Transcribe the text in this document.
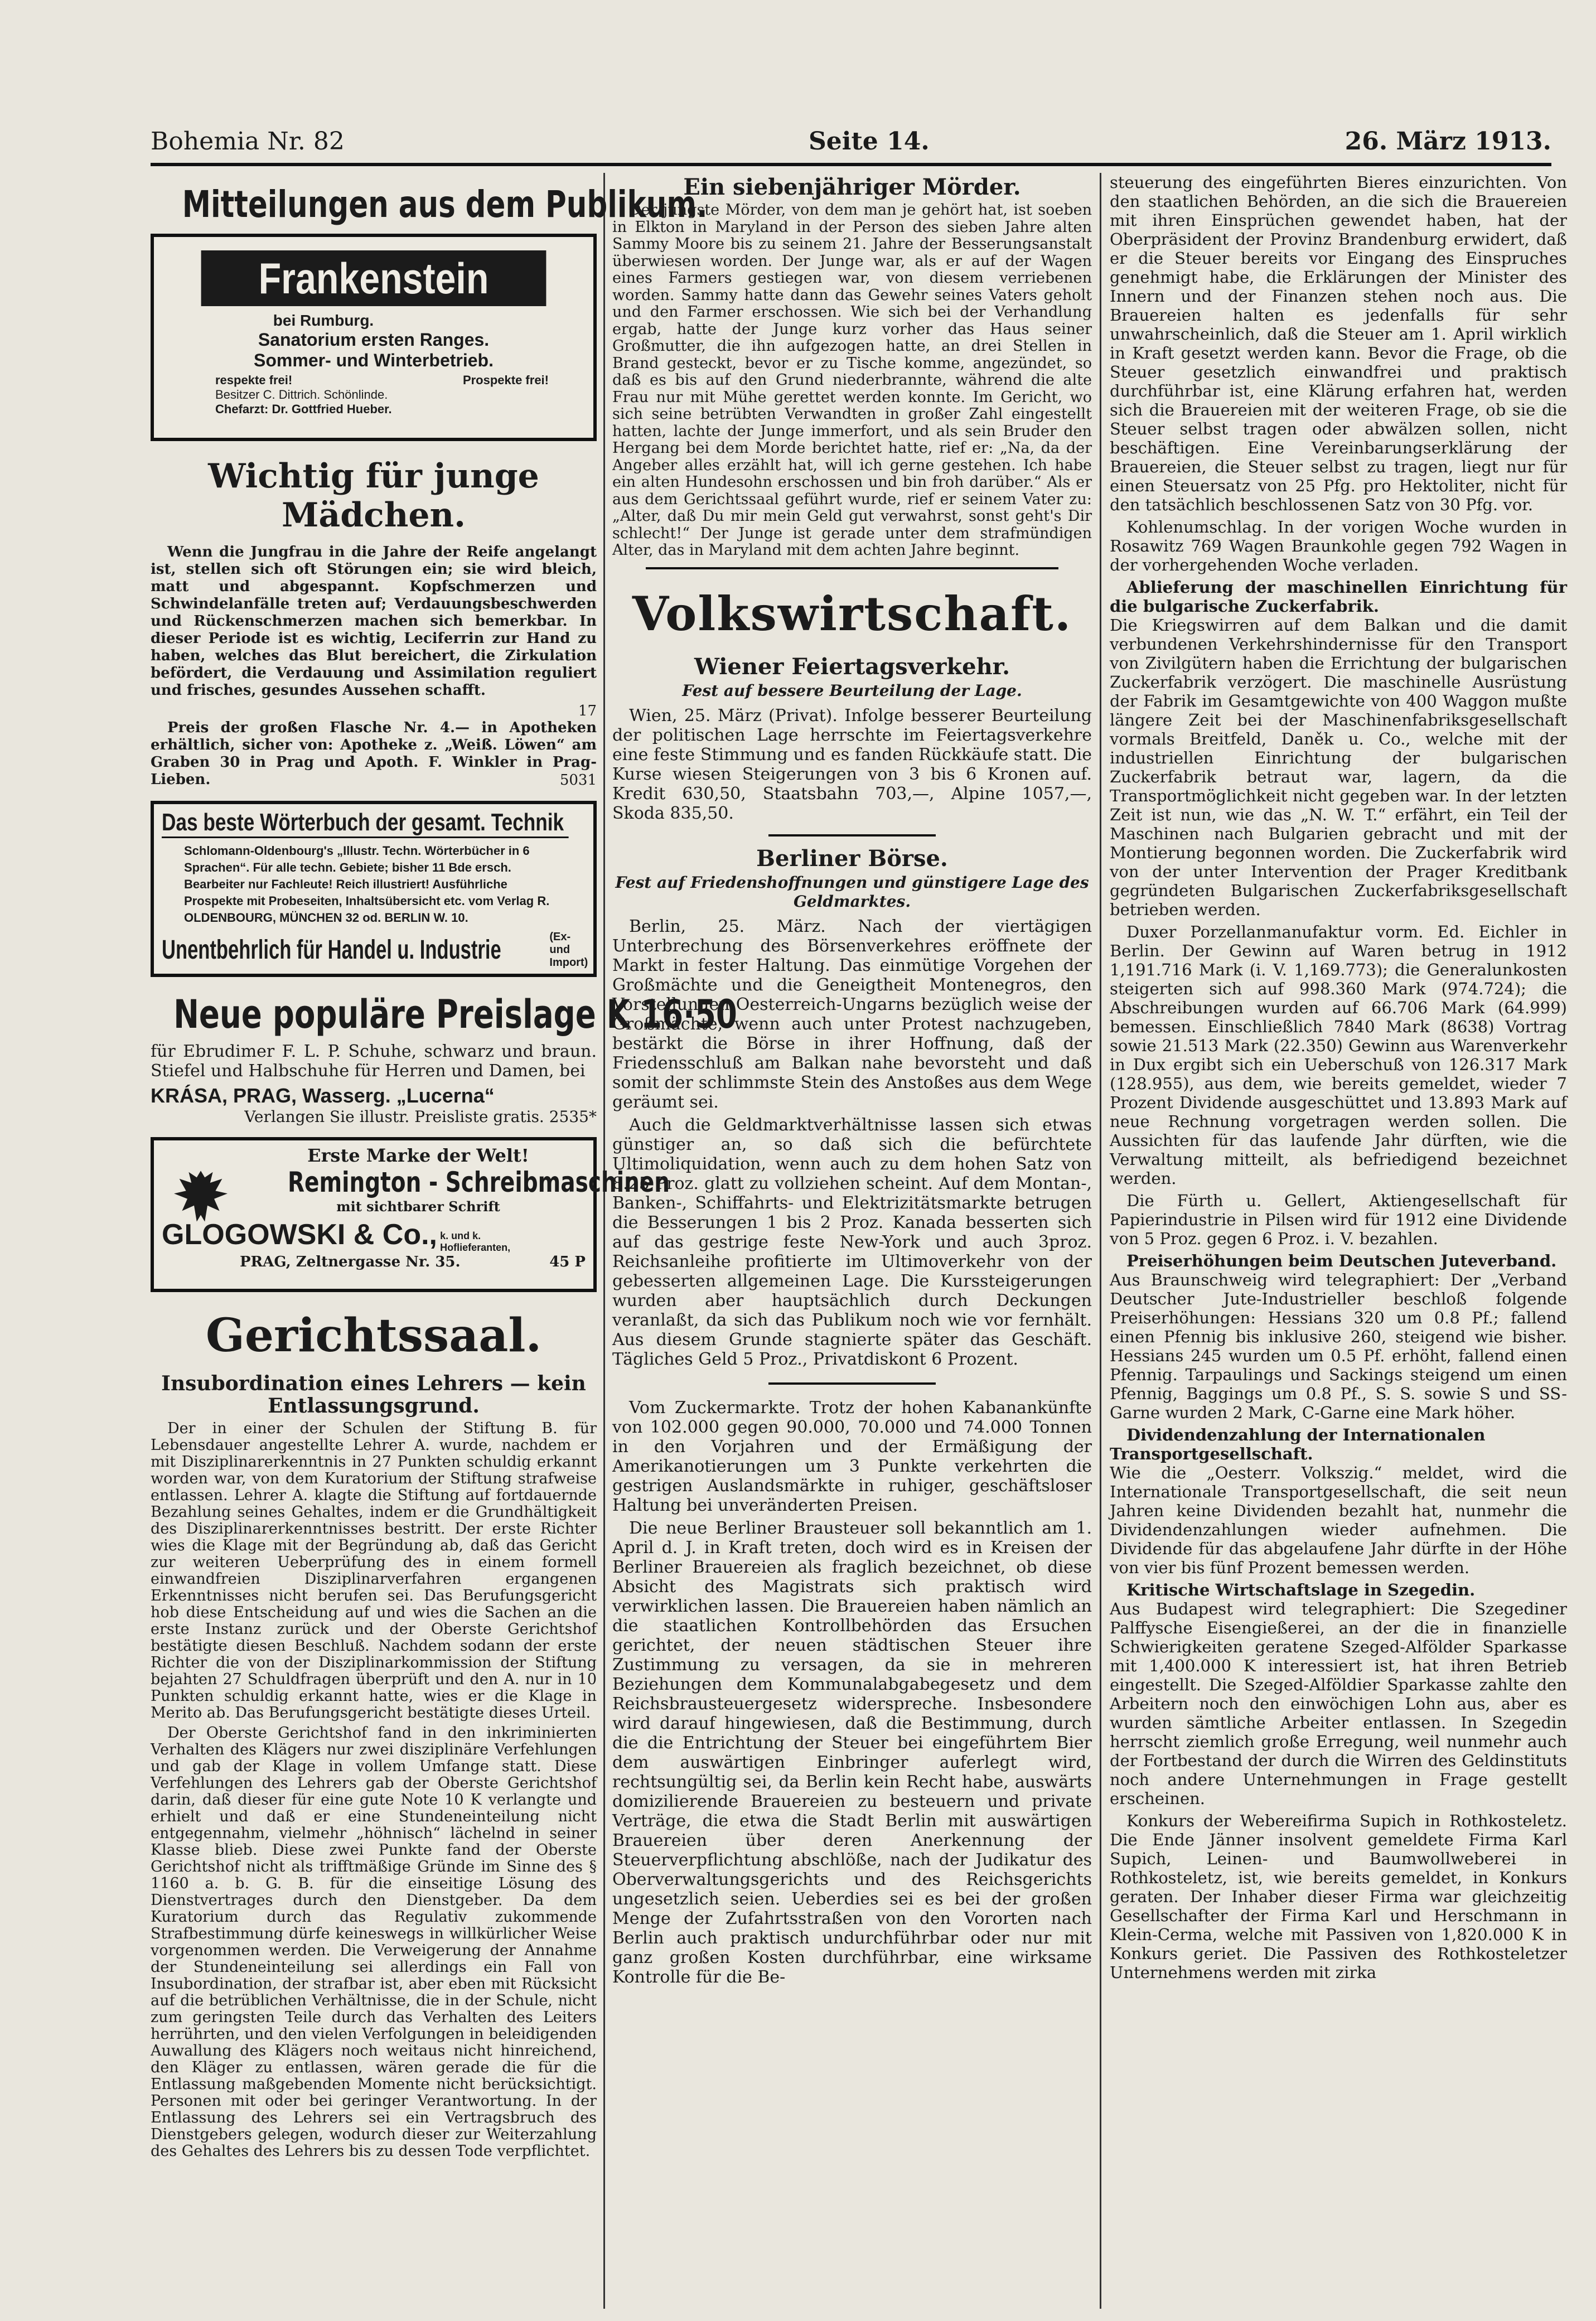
Bohemia Nr. 82	Seite 14.	26. März 1913.
Mitteilungen aus dem Publikum.
Frankenstein
bei Rumburg.
Sanatorium ersten Ranges.
Sommer- und Winterbetrieb.
respekte frei!	Prospekte frei!
Besitzer C. Dittrich. Schönlinde.
Chefarzt: Dr. Gottfried Hueber.
Wichtig für junge Mädchen.

Wenn die Jungfrau in die Jahre der Reife angelangt ist, stellen sich oft Störungen ein; sie wird bleich, matt und abgespannt. Kopfschmerzen und Schwindelanfälle treten auf; Verdauungsbeschwerden und Rückenschmerzen machen sich bemerkbar. In dieser Periode ist es wichtig, Leciferrin zur Hand zu haben, welches das Blut bereichert, die Zirkulation befördert, die Verdauung und Assimilation reguliert und frisches, gesundes Aussehen schafft.

17

Preis der großen Flasche Nr. 4.— in Apotheken erhältlich, sicher von: Apotheke z. „Weiß. Löwen“ am Graben 30 in Prag und Apoth. F. Winkler in Prag-Lieben.	5031
Das beste Wörterbuch der gesamt. Technik
Schlomann-Oldenbourg's „Illustr. Techn. Wörterbücher in 6 Sprachen“. Für alle techn. Gebiete; bisher 11 Bde ersch. Bearbeiter nur Fachleute! Reich illustriert! Ausführliche Prospekte mit Probeseiten, Inhaltsübersicht etc. vom Verlag R. OLDENBOURG, MÜNCHEN 32 od. BERLIN W. 10.
Unentbehrlich für Handel u. Industrie	(Ex- und Import)
Neue populäre Preislage K 16·50

für Ebrudimer F. L. P. Schuhe, schwarz und braun. Stiefel und Halbschuhe für Herren und Damen, bei

KRÁSA, PRAG, Wasserg. „Lucerna“
Verlangen Sie illustr. Preisliste gratis. 2535*
Erste Marke der Welt!
Remington - Schreibmaschinen
mit sichtbarer Schrift
GLOGOWSKI & Co., k. und k. Hoflieferanten,
PRAG, Zeltnergasse Nr. 35.	45 P
Gerichtssaal.
Insubordination eines Lehrers — kein Entlassungsgrund.

Der in einer der Schulen der Stiftung B. für Lebensdauer angestellte Lehrer A. wurde, nachdem er mit Disziplinarerkenntnis in 27 Punkten schuldig erkannt worden war, von dem Kuratorium der Stiftung strafweise entlassen. Lehrer A. klagte die Stiftung auf fortdauernde Bezahlung seines Gehaltes, indem er die Grundhältigkeit des Disziplinarerkenntnisses bestritt. Der erste Richter wies die Klage mit der Begründung ab, daß das Gericht zur weiteren Ueberprüfung des in einem formell einwandfreien Disziplinarverfahren ergangenen Erkenntnisses nicht berufen sei. Das Berufungsgericht hob diese Entscheidung auf und wies die Sachen an die erste Instanz zurück und der Oberste Gerichtshof bestätigte diesen Beschluß. Nachdem sodann der erste Richter die von der Disziplinarkommission der Stiftung bejahten 27 Schuldfragen überprüft und den A. nur in 10 Punkten schuldig erkannt hatte, wies er die Klage in Merito ab. Das Berufungsgericht bestätigte dieses Urteil.

Der Oberste Gerichtshof fand in den inkriminierten Verhalten des Klägers nur zwei disziplinäre Verfehlungen und gab der Klage in vollem Umfange statt. Diese Verfehlungen des Lehrers gab der Oberste Gerichtshof darin, daß dieser für eine gute Note 10 K verlangte und erhielt und daß er eine Stundeneinteilung nicht entgegennahm, vielmehr „höhnisch“ lächelnd in seiner Klasse blieb. Diese zwei Punkte fand der Oberste Gerichtshof nicht als trifftmäßige Gründe im Sinne des § 1160 a. b. G. B. für die einseitige Lösung des Dienstvertrages durch den Dienstgeber. Da dem Kuratorium durch das Regulativ zukommende Strafbestimmung dürfe keineswegs in willkürlicher Weise vorgenommen werden. Die Verweigerung der Annahme der Stundeneinteilung sei allerdings ein Fall von Insubordination, der strafbar ist, aber eben mit Rücksicht auf die betrüblichen Verhältnisse, die in der Schule, nicht zum geringsten Teile durch das Verhalten des Leiters herrührten, und den vielen Verfolgungen in beleidigenden Auwallung des Klägers noch weitaus nicht hinreichend, den Kläger zu entlassen, wären gerade die für die Entlassung maßgebenden Momente nicht berücksichtigt. Personen mit oder bei geringer Verantwortung. In der Entlassung des Lehrers sei ein Vertragsbruch des Dienstgebers gelegen, wodurch dieser zur Weiterzahlung des Gehaltes des Lehrers bis zu dessen Tode verpflichtet.

Ein siebenjähriger Mörder.

Der jüngste Mörder, von dem man je gehört hat, ist soeben in Elkton in Maryland in der Person des sieben Jahre alten Sammy Moore bis zu seinem 21. Jahre der Besserungsanstalt überwiesen worden. Der Junge war, als er auf der Wagen eines Farmers gestiegen war, von diesem verriebenen worden. Sammy hatte dann das Gewehr seines Vaters geholt und den Farmer erschossen. Wie sich bei der Verhandlung ergab, hatte der Junge kurz vorher das Haus seiner Großmutter, die ihn aufgezogen hatte, an drei Stellen in Brand gesteckt, bevor er zu Tische komme, angezündet, so daß es bis auf den Grund niederbrannte, während die alte Frau nur mit Mühe gerettet werden konnte. Im Gericht, wo sich seine betrübten Verwandten in großer Zahl eingestellt hatten, lachte der Junge immerfort, und als sein Bruder den Hergang bei dem Morde berichtet hatte, rief er: „Na, da der Angeber alles erzählt hat, will ich gerne gestehen. Ich habe ein alten Hundesohn erschossen und bin froh darüber.“ Als er aus dem Gerichtssaal geführt wurde, rief er seinem Vater zu: „Alter, daß Du mir mein Geld gut verwahrst, sonst geht's Dir schlecht!“ Der Junge ist gerade unter dem strafmündigen Alter, das in Maryland mit dem achten Jahre beginnt.

Volkswirtschaft.
Wiener Feiertagsverkehr.
Fest auf bessere Beurteilung der Lage.

Wien, 25. März (Privat). Infolge besserer Beurteilung der politischen Lage herrschte im Feiertagsverkehre eine feste Stimmung und es fanden Rückkäufe statt. Die Kurse wiesen Steigerungen von 3 bis 6 Kronen auf. Kredit 630,50, Staatsbahn 703,—, Alpine 1057,—, Skoda 835,50.

Berliner Börse.
Fest auf Friedenshoffnungen und günstigere Lage des Geldmarktes.

Berlin, 25. März. Nach der viertägigen Unterbrechung des Börsenverkehres eröffnete der Markt in fester Haltung. Das einmütige Vorgehen der Großmächte und die Geneigtheit Montenegros, den Vorstellungen Oesterreich-Ungarns bezüglich weise der Großmächte, wenn auch unter Protest nachzugeben, bestärkt die Börse in ihrer Hoffnung, daß der Friedensschluß am Balkan nahe bevorsteht und daß somit der schlimmste Stein des Anstoßes aus dem Wege geräumt sei.

Auch die Geldmarktverhältnisse lassen sich etwas günstiger an, so daß sich die befürchtete Ultimoliquidation, wenn auch zu dem hohen Satz von 8.25 Proz. glatt zu vollziehen scheint. Auf dem Montan-, Banken-, Schiffahrts- und Elektrizitätsmarkte betrugen die Besserungen 1 bis 2 Proz. Kanada besserten sich auf das gestrige feste New-York und auch 3proz. Reichsanleihe profitierte im Ultimoverkehr von der gebesserten allgemeinen Lage. Die Kurssteigerungen wurden aber hauptsächlich durch Deckungen veranlaßt, da sich das Publikum noch wie vor fernhält. Aus diesem Grunde stagnierte später das Geschäft. Tägliches Geld 5 Proz., Privatdiskont 6 Prozent.

Vom Zuckermarkte. Trotz der hohen Kabanankünfte von 102.000 gegen 90.000, 70.000 und 74.000 Tonnen in den Vorjahren und der Ermäßigung der Amerikanotierungen um 3 Punkte verkehrten die gestrigen Auslandsmärkte in ruhiger, geschäftsloser Haltung bei unveränderten Preisen.

Die neue Berliner Brausteuer soll bekanntlich am 1. April d. J. in Kraft treten, doch wird es in Kreisen der Berliner Brauereien als fraglich bezeichnet, ob diese Absicht des Magistrats sich praktisch wird verwirklichen lassen. Die Brauereien haben nämlich an die staatlichen Kontrollbehörden das Ersuchen gerichtet, der neuen städtischen Steuer ihre Zustimmung zu versagen, da sie in mehreren Beziehungen dem Kommunalabgabegesetz und dem Reichsbrausteuergesetz widerspreche. Insbesondere wird darauf hingewiesen, daß die Bestimmung, durch die die Entrichtung der Steuer bei eingeführtem Bier dem auswärtigen Einbringer auferlegt wird, rechtsungültig sei, da Berlin kein Recht habe, auswärts domizilierende Brauereien zu besteuern und private Verträge, die etwa die Stadt Berlin mit auswärtigen Brauereien über deren Anerkennung der Steuerverpflichtung abschlöße, nach der Judikatur des Oberverwaltungsgerichts und des Reichsgerichts ungesetzlich seien. Ueberdies sei es bei der großen Menge der Zufahrtsstraßen von den Vororten nach Berlin auch praktisch undurchführbar oder nur mit ganz großen Kosten durchführbar, eine wirksame Kontrolle für die Be-

steuerung des eingeführten Bieres einzurichten. Von den staatlichen Behörden, an die sich die Brauereien mit ihren Einsprüchen gewendet haben, hat der Oberpräsident der Provinz Brandenburg erwidert, daß er die Steuer bereits vor Eingang des Einspruches genehmigt habe, die Erklärungen der Minister des Innern und der Finanzen stehen noch aus. Die Brauereien halten es jedenfalls für sehr unwahrscheinlich, daß die Steuer am 1. April wirklich in Kraft gesetzt werden kann. Bevor die Frage, ob die Steuer gesetzlich einwandfrei und praktisch durchführbar ist, eine Klärung erfahren hat, werden sich die Brauereien mit der weiteren Frage, ob sie die Steuer selbst tragen oder abwälzen sollen, nicht beschäftigen. Eine Vereinbarungserklärung der Brauereien, die Steuer selbst zu tragen, liegt nur für einen Steuersatz von 25 Pfg. pro Hektoliter, nicht für den tatsächlich beschlossenen Satz von 30 Pfg. vor.

Kohlenumschlag. In der vorigen Woche wurden in Rosawitz 769 Wagen Braunkohle gegen 792 Wagen in der vorhergehenden Woche verladen.

Ablieferung der maschinellen Einrichtung für die bulgarische Zuckerfabrik.

Die Kriegswirren auf dem Balkan und die damit verbundenen Verkehrshindernisse für den Transport von Zivilgütern haben die Errichtung der bulgarischen Zuckerfabrik verzögert. Die maschinelle Ausrüstung der Fabrik im Gesamtgewichte von 400 Waggon mußte längere Zeit bei der Maschinenfabriksgesellschaft vormals Breitfeld, Daněk u. Co., welche mit der industriellen Einrichtung der bulgarischen Zuckerfabrik betraut war, lagern, da die Transportmöglichkeit nicht gegeben war. In der letzten Zeit ist nun, wie das „N. W. T.“ erfährt, ein Teil der Maschinen nach Bulgarien gebracht und mit der Montierung begonnen worden. Die Zuckerfabrik wird von der unter Intervention der Prager Kreditbank gegründeten Bulgarischen Zuckerfabriksgesellschaft betrieben werden.

Duxer Porzellanmanufaktur vorm. Ed. Eichler in Berlin. Der Gewinn auf Waren betrug in 1912 1,191.716 Mark (i. V. 1,169.773); die Generalunkosten steigerten sich auf 998.360 Mark (974.724); die Abschreibungen wurden auf 66.706 Mark (64.999) bemessen. Einschließlich 7840 Mark (8638) Vortrag sowie 21.513 Mark (22.350) Gewinn aus Warenverkehr in Dux ergibt sich ein Ueberschuß von 126.317 Mark (128.955), aus dem, wie bereits gemeldet, wieder 7 Prozent Dividende ausgeschüttet und 13.893 Mark auf neue Rechnung vorgetragen werden sollen. Die Aussichten für das laufende Jahr dürften, wie die Verwaltung mitteilt, als befriedigend bezeichnet werden.

Die Fürth u. Gellert, Aktiengesellschaft für Papierindustrie in Pilsen wird für 1912 eine Dividende von 5 Proz. gegen 6 Proz. i. V. bezahlen.

Preiserhöhungen beim Deutschen Juteverband.

Aus Braunschweig wird telegraphiert: Der „Verband Deutscher Jute-Industrieller beschloß folgende Preiserhöhungen: Hessians 320 um 0.8 Pf.; fallend einen Pfennig bis inklusive 260, steigend wie bisher. Hessians 245 wurden um 0.5 Pf. erhöht, fallend einen Pfennig. Tarpaulings und Sackings steigend um einen Pfennig, Baggings um 0.8 Pf., S. S. sowie S und SS-Garne wurden 2 Mark, C-Garne eine Mark höher.

Dividendenzahlung der Internationalen Transportgesellschaft.

Wie die „Oesterr. Volkszig.“ meldet, wird die Internationale Transportgesellschaft, die seit neun Jahren keine Dividenden bezahlt hat, nunmehr die Dividendenzahlungen wieder aufnehmen. Die Dividende für das abgelaufene Jahr dürfte in der Höhe von vier bis fünf Prozent bemessen werden.

Kritische Wirtschaftslage in Szegedin.

Aus Budapest wird telegraphiert: Die Szegediner Palffysche Eisengießerei, an der die in finanzielle Schwierigkeiten geratene Szeged-Alfölder Sparkasse mit 1,400.000 K interessiert ist, hat ihren Betrieb eingestellt. Die Szeged-Alföldier Sparkasse zahlte den Arbeitern noch den einwöchigen Lohn aus, aber es wurden sämtliche Arbeiter entlassen. In Szegedin herrscht ziemlich große Erregung, weil nunmehr auch der Fortbestand der durch die Wirren des Geldinstituts noch andere Unternehmungen in Frage gestellt erscheinen.

Konkurs der Webereifirma Supich in Rothkosteletz. Die Ende Jänner insolvent gemeldete Firma Karl Supich, Leinen- und Baumwollweberei in Rothkosteletz, ist, wie bereits gemeldet, in Konkurs geraten. Der Inhaber dieser Firma war gleichzeitig Gesellschafter der Firma Karl und Herschmann in Klein-Cerma, welche mit Passiven von 1,820.000 K in Konkurs geriet. Die Passiven des Rothkosteletzer Unternehmens werden mit zirka
